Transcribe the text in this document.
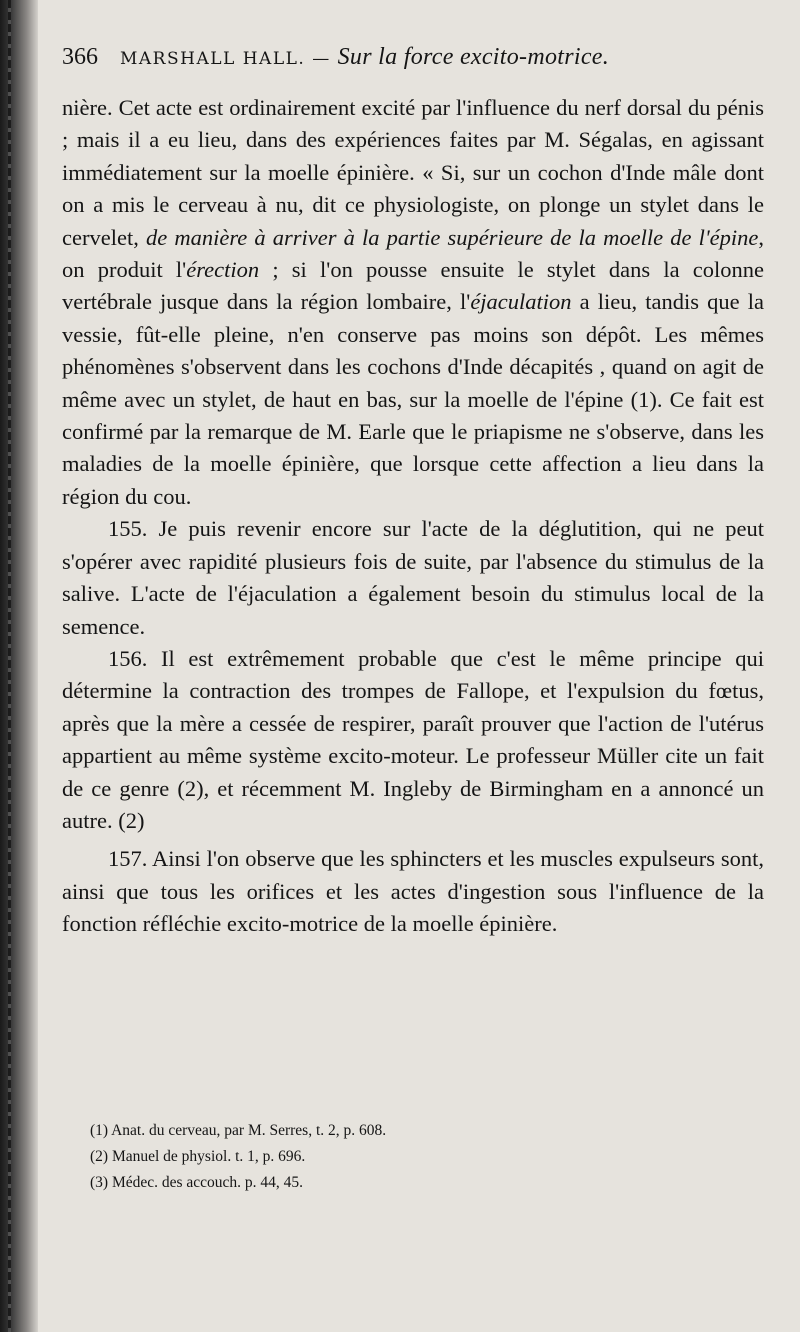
366 MARSHALL HALL. — Sur la force excito-motrice.

nière. Cet acte est ordinairement excité par l'influence du nerf dorsal du pénis ; mais il a eu lieu, dans des expériences faites par M. Ségalas, en agissant immédiatement sur la moelle épinière. « Si, sur un cochon d'Inde mâle dont on a mis le cerveau à nu, dit ce physiologiste, on plonge un stylet dans le cervelet, de manière à arriver à la partie supérieure de la moelle de l'épine, on produit l'érection ; si l'on pousse ensuite le stylet dans la colonne vertébrale jusque dans la région lombaire, l'éjaculation a lieu, tandis que la vessie, fût-elle pleine, n'en conserve pas moins son dépôt. Les mêmes phénomènes s'observent dans les cochons d'Inde décapités , quand on agit de même avec un stylet, de haut en bas, sur la moelle de l'épine (1). Ce fait est confirmé par la remarque de M. Earle que le priapisme ne s'observe, dans les maladies de la moelle épinière, que lorsque cette affection a lieu dans la région du cou.

155. Je puis revenir encore sur l'acte de la déglutition, qui ne peut s'opérer avec rapidité plusieurs fois de suite, par l'absence du stimulus de la salive. L'acte de l'éjaculation a également besoin du stimulus local de la semence.

156. Il est extrêmement probable que c'est le même principe qui détermine la contraction des trompes de Fallope, et l'expulsion du fœtus, après que la mère a cessée de respirer, paraît prouver que l'action de l'utérus appartient au même système excito-moteur. Le professeur Müller cite un fait de ce genre (2), et récemment M. Ingleby de Birmingham en a annoncé un autre. (2)

157. Ainsi l'on observe que les sphincters et les muscles expulseurs sont, ainsi que tous les orifices et les actes d'ingestion sous l'influence de la fonction réfléchie excito-motrice de la moelle épinière.

(1) Anat. du cerveau, par M. Serres, t. 2, p. 608.

(2) Manuel de physiol. t. 1, p. 696.

(3) Médec. des accouch. p. 44, 45.
